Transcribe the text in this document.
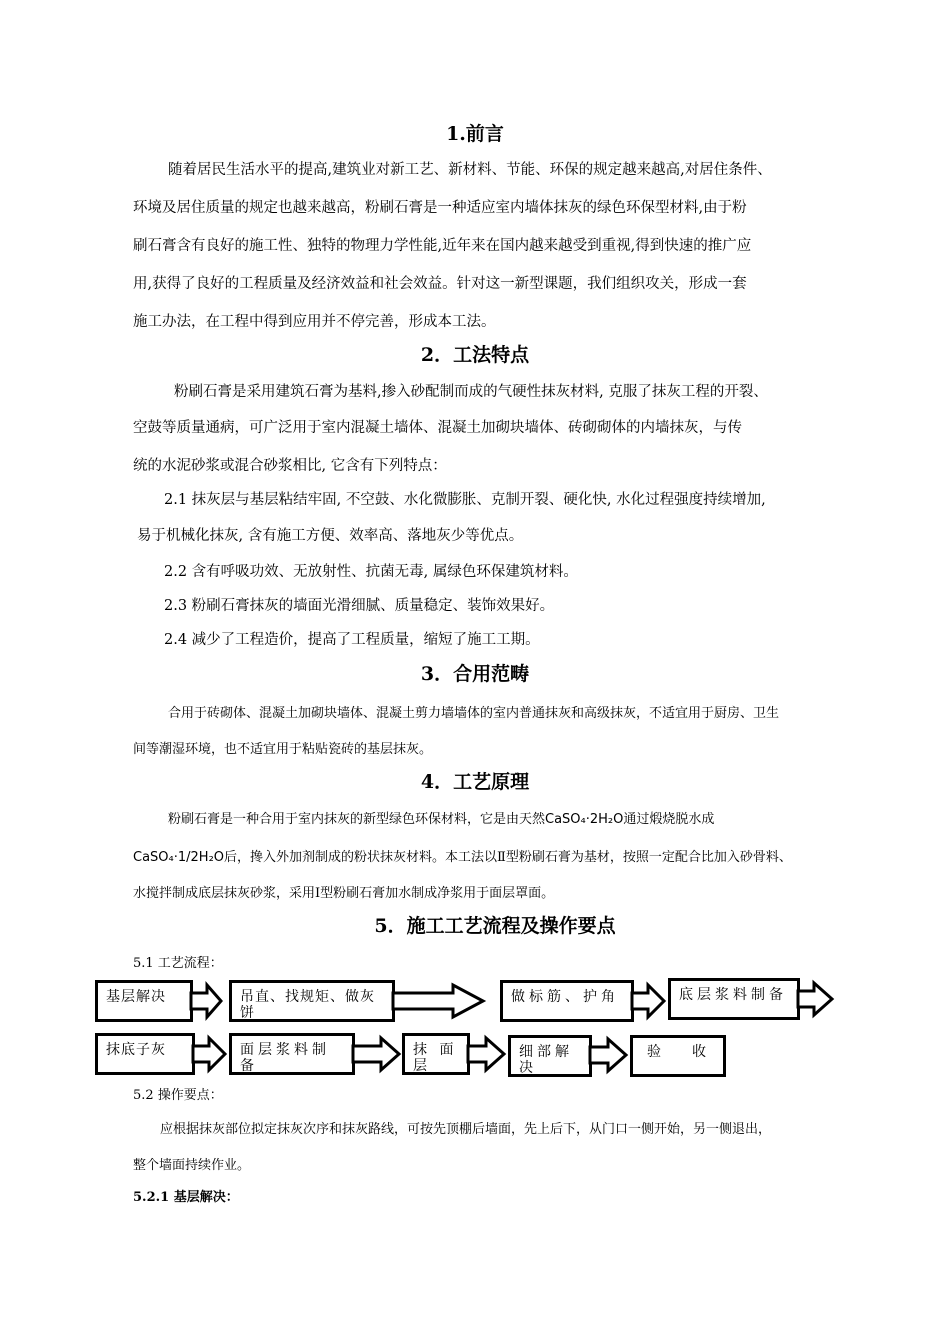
1.前言
随着居民生活水平的提高,建筑业对新工艺、新材料、节能、环保的规定越来越高,对居住条件、
环境及居住质量的规定也越来越高，粉刷石膏是一种适应室内墙体抹灰的绿色环保型材料,由于粉
刷石膏含有良好的施工性、独特的物理力学性能,近年来在国内越来越受到重视,得到快速的推广应
用,获得了良好的工程质量及经济效益和社会效益。针对这一新型课题，我们组织攻关，形成一套
施工办法，在工程中得到应用并不停完善，形成本工法。
2．工法特点
粉刷石膏是采用建筑石膏为基料,掺入砂配制而成的气硬性抹灰材料, 克服了抹灰工程的开裂、
空鼓等质量通病，可广泛用于室内混凝土墙体、混凝土加砌块墙体、砖砌砌体的内墙抹灰，与传
统的水泥砂浆或混合砂浆相比, 它含有下列特点：
2.1 抹灰层与基层粘结牢固, 不空鼓、水化微膨胀、克制开裂、硬化快, 水化过程强度持续增加,
易于机械化抹灰, 含有施工方便、效率高、落地灰少等优点。
2.2 含有呼吸功效、无放射性、抗菌无毒, 属绿色环保建筑材料。
2.3 粉刷石膏抹灰的墙面光滑细腻、质量稳定、装饰效果好。
2.4 减少了工程造价，提高了工程质量，缩短了施工工期。
3．合用范畴
合用于砖砌体、混凝土加砌块墙体、混凝土剪力墙墙体的室内普通抹灰和高级抹灰，不适宜用于厨房、卫生
间等潮湿环境，也不适宜用于粘贴瓷砖的基层抹灰。
4．工艺原理
粉刷石膏是一种合用于室内抹灰的新型绿色环保材料，它是由天然CaSO₄·2H₂O通过煅烧脱水成
CaSO₄·1/2H₂O后，搀入外加剂制成的粉状抹灰材料。本工法以Ⅱ型粉刷石膏为基材，按照一定配合比加入砂骨料、
水搅拌制成底层抹灰砂浆，采用Ⅰ型粉刷石膏加水制成净浆用于面层罩面。
5．施工工艺流程及操作要点
5.1 工艺流程：
基层解决	吊直、找规矩、做灰饼
做标筋、护角	底层浆料制备
抹底子灰	面层浆料制备
抹 面层
细部解决
验　　收
5.2 操作要点：
应根据抹灰部位拟定抹灰次序和抹灰路线，可按先顶棚后墙面，先上后下，从门口一侧开始，另一侧退出，
整个墙面持续作业。
5.2.1 基层解决：
